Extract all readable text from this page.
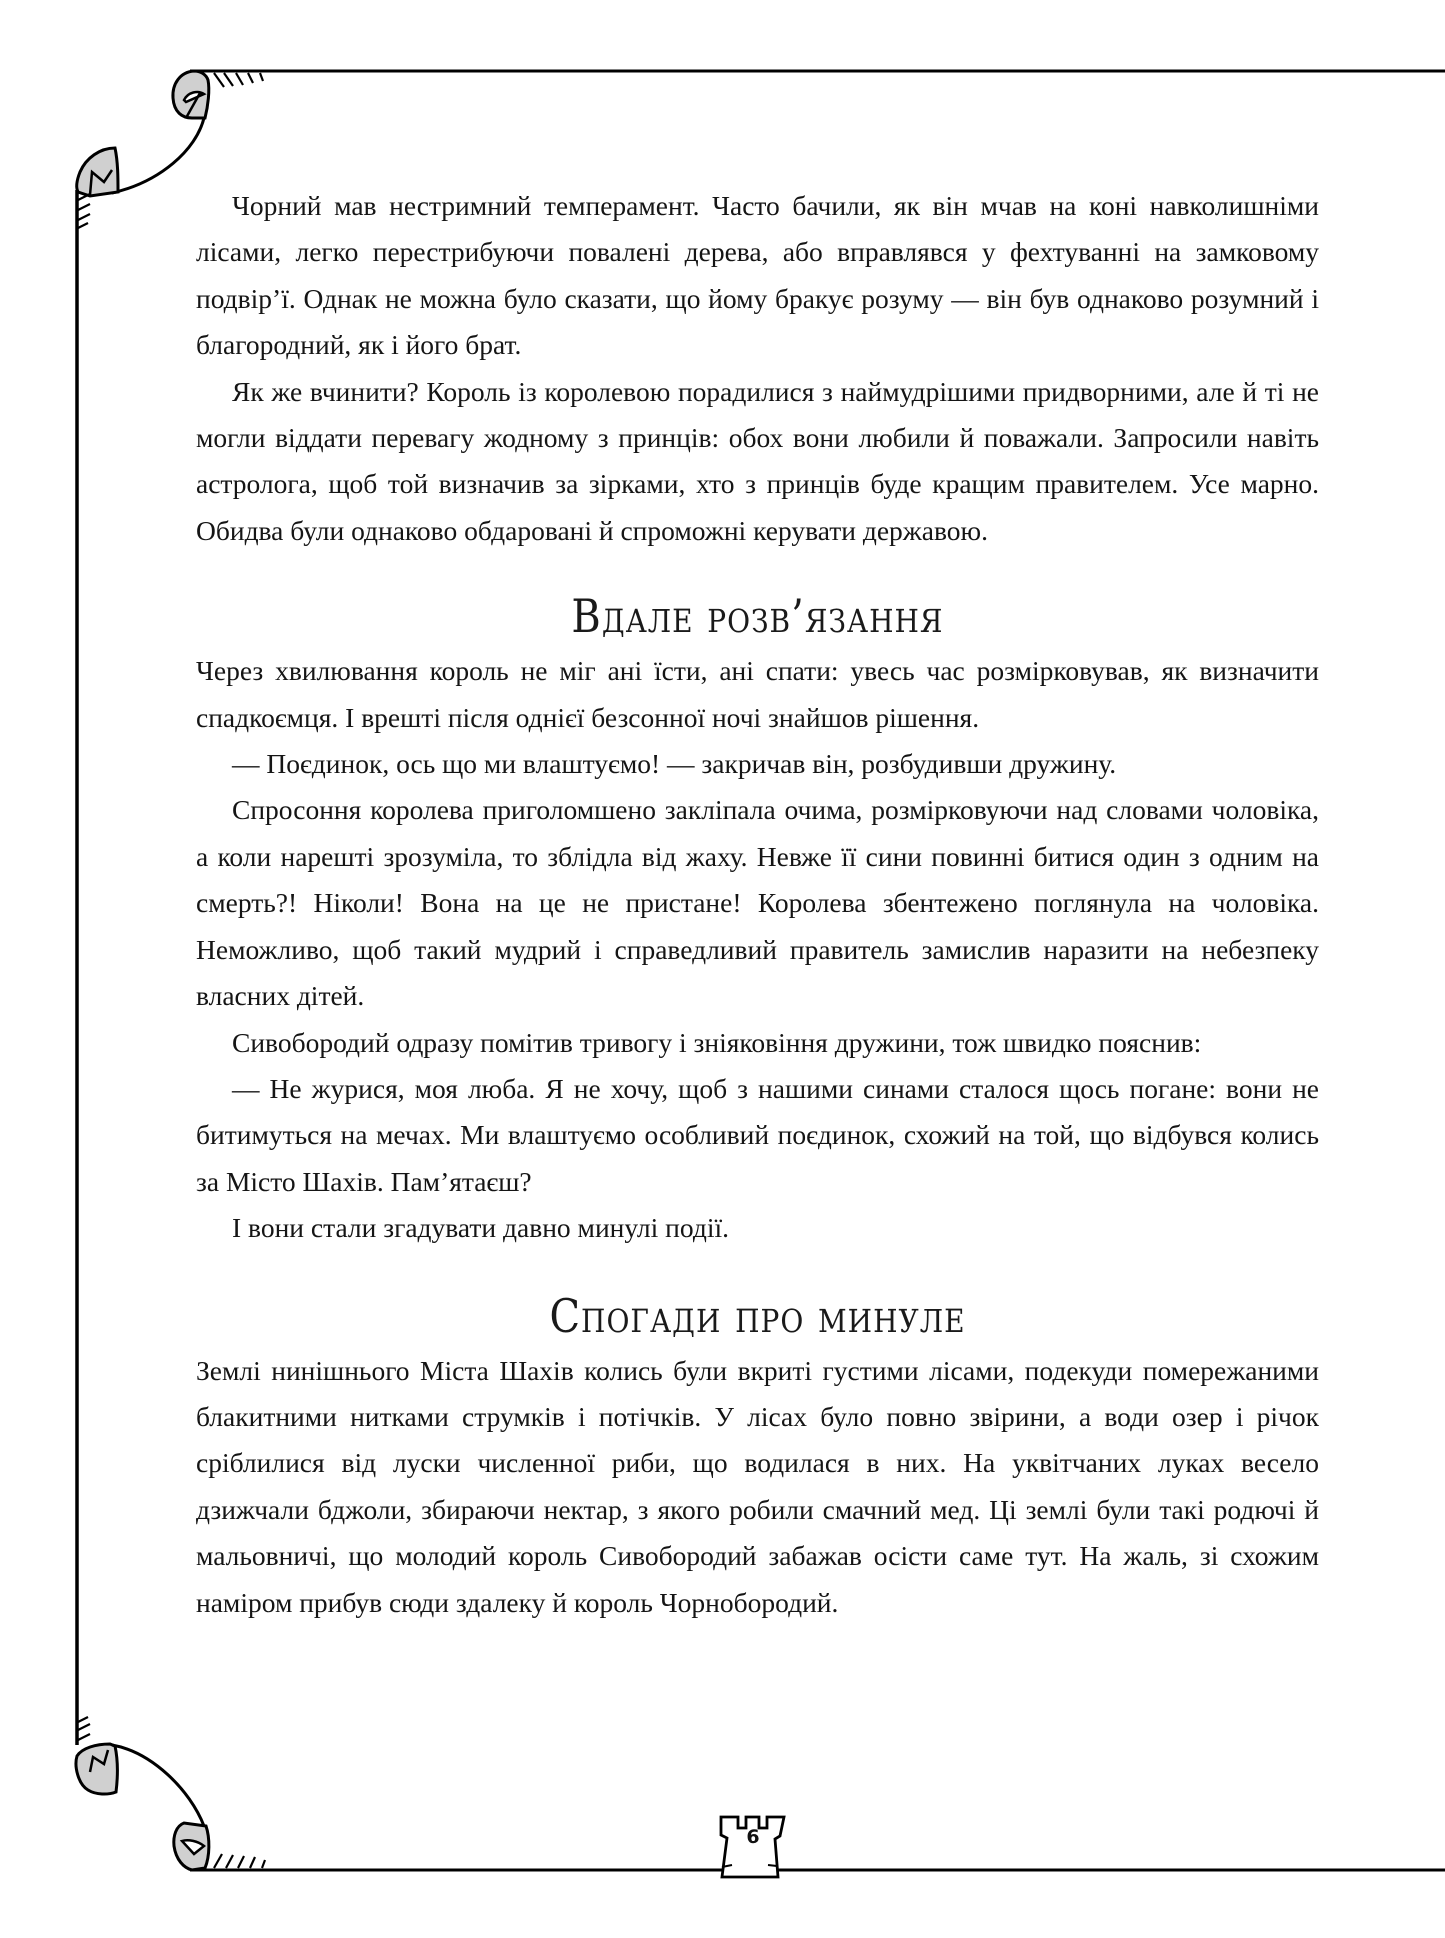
6

Чорний мав нестримний темперамент. Часто бачили, як він мчав на коні навколишніми лісами, легко перестрибуючи повалені дерева, або вправлявся у фехтуванні на замковому подвір’ї. Однак не можна було сказати, що йому бракує розуму — він був однаково розумний і благородний, як і його брат.

Як же вчинити? Король із королевою порадилися з наймудрішими придворними, але й ті не могли віддати перевагу жодному з принців: обох вони любили й поважали. Запросили навіть астролога, щоб той визначив за зірками, хто з принців буде кращим правителем. Усе марно. Обидва були однаково обдаровані й спроможні керувати державою.

Вдале розв’язання

Через хвилювання король не міг ані їсти, ані спати: увесь час розмірковував, як визначити спадкоємця. І врешті після однієї безсонної ночі знайшов рішення.

— Поєдинок, ось що ми влаштуємо! — закричав він, розбудивши дружину.

Спросоння королева приголомшено закліпала очима, розмірковуючи над словами чоловіка, а коли нарешті зрозуміла, то зблідла від жаху. Невже її сини повинні битися один з одним на смерть?! Ніколи! Вона на це не пристане! Королева збентежено поглянула на чоловіка. Неможливо, щоб такий мудрий і справедливий правитель замислив наразити на небезпеку власних дітей.

Сивобородий одразу помітив тривогу і зніяковіння дружини, тож швидко пояснив:

— Не журися, моя люба. Я не хочу, щоб з нашими синами сталося щось погане: вони не битимуться на мечах. Ми влаштуємо особливий поєдинок, схожий на той, що відбувся колись за Місто Шахів. Пам’ятаєш?

І вони стали згадувати давно минулі події.

Спогади про минуле

Землі нинішнього Міста Шахів колись були вкриті густими лісами, подекуди помережаними блакитними нитками струмків і потічків. У лісах було повно звірини, а води озер і річок сріблилися від луски численної риби, що водилася в них. На уквітчаних луках весело дзижчали бджоли, збираючи нектар, з якого робили смачний мед. Ці землі були такі родючі й мальовничі, що молодий король Сивобородий забажав осісти саме тут. На жаль, зі схожим наміром прибув сюди здалеку й король Чорнобородий.
